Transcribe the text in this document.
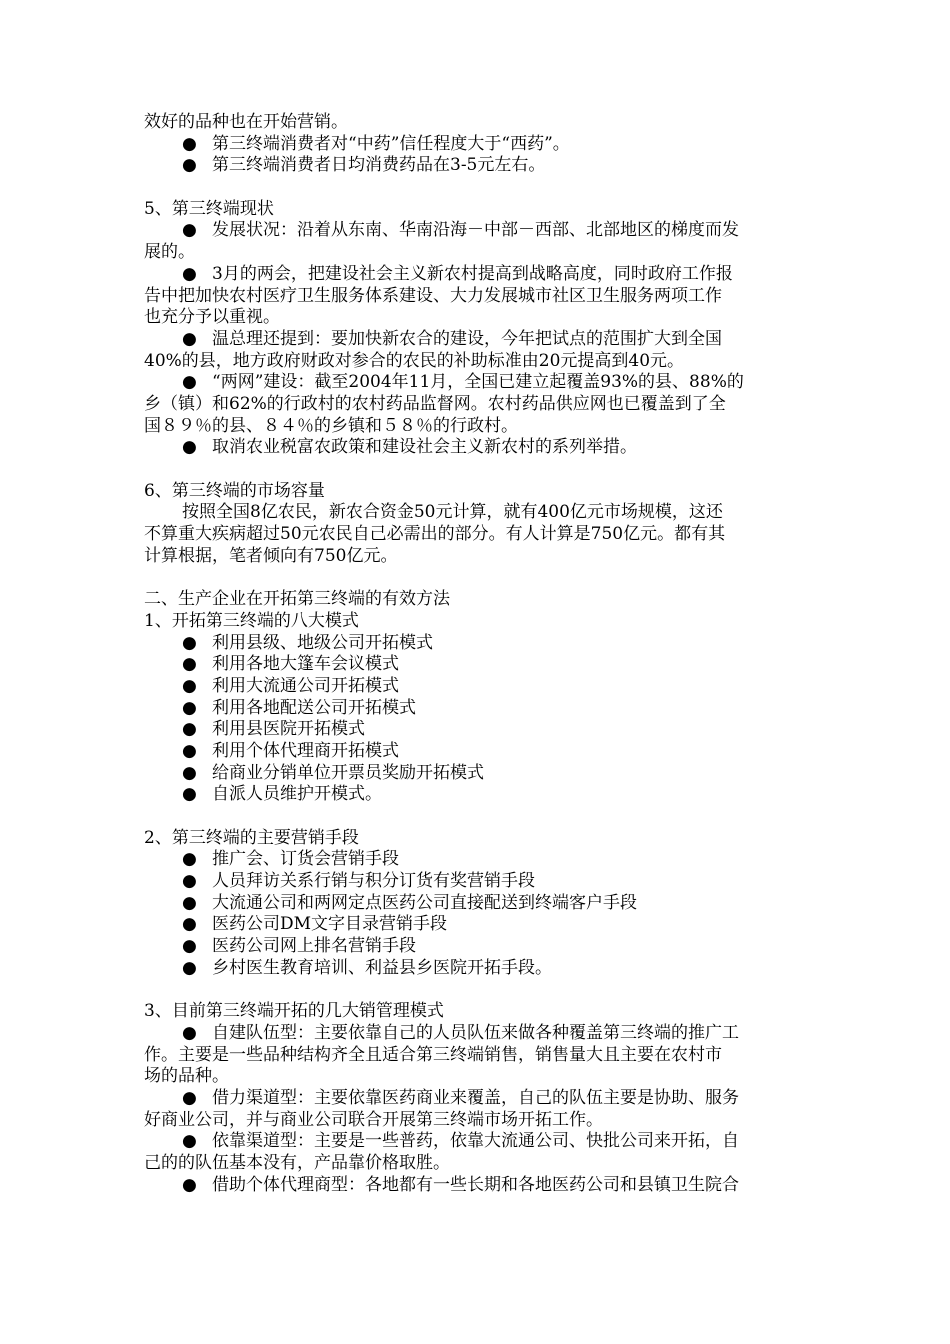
效好的品种也在开始营销。
● 第三终端消费者对“中药”信任程度大于“西药”。
● 第三终端消费者日均消费药品在3-5元左右。
5、第三终端现状
● 发展状况：沿着从东南、华南沿海－中部－西部、北部地区的梯度而发
展的。
● 3月的两会，把建设社会主义新农村提高到战略高度，同时政府工作报
告中把加快农村医疗卫生服务体系建设、大力发展城市社区卫生服务两项工作
也充分予以重视。
● 温总理还提到：要加快新农合的建设，今年把试点的范围扩大到全国
40%的县，地方政府财政对参合的农民的补助标准由20元提高到40元。
● “两网”建设：截至2004年11月，全国已建立起覆盖93%的县、88%的
乡（镇）和62%的行政村的农村药品监督网。农村药品供应网也已覆盖到了全
国８９％的县、８４％的乡镇和５８％的行政村。
● 取消农业税富农政策和建设社会主义新农村的系列举措。
6、第三终端的市场容量
按照全国8亿农民，新农合资金50元计算，就有400亿元市场规模，这还
不算重大疾病超过50元农民自己必需出的部分。有人计算是750亿元。都有其
计算根据，笔者倾向有750亿元。
二、生产企业在开拓第三终端的有效方法
1、开拓第三终端的八大模式
● 利用县级、地级公司开拓模式
● 利用各地大篷车会议模式
● 利用大流通公司开拓模式
● 利用各地配送公司开拓模式
● 利用县医院开拓模式
● 利用个体代理商开拓模式
● 给商业分销单位开票员奖励开拓模式
● 自派人员维护开模式。
2、第三终端的主要营销手段
● 推广会、订货会营销手段
● 人员拜访关系行销与积分订货有奖营销手段
● 大流通公司和两网定点医药公司直接配送到终端客户手段
● 医药公司DM文字目录营销手段
● 医药公司网上排名营销手段
● 乡村医生教育培训、利益县乡医院开拓手段。
3、目前第三终端开拓的几大销管理模式
● 自建队伍型：主要依靠自己的人员队伍来做各种覆盖第三终端的推广工
作。主要是一些品种结构齐全且适合第三终端销售，销售量大且主要在农村市
场的品种。
● 借力渠道型：主要依靠医药商业来覆盖，自己的队伍主要是协助、服务
好商业公司，并与商业公司联合开展第三终端市场开拓工作。
● 依靠渠道型：主要是一些普药，依靠大流通公司、快批公司来开拓，自
己的的队伍基本没有，产品靠价格取胜。
● 借助个体代理商型：各地都有一些长期和各地医药公司和县镇卫生院合
